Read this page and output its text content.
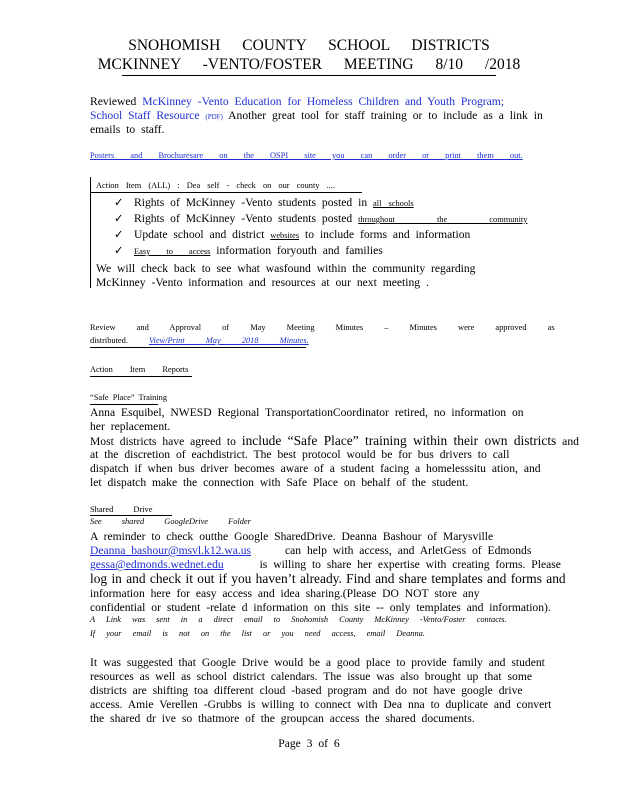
SNOHOMISH COUNTY SCHOOL DISTRICTS
MCKINNEY -VENTO/FOSTER MEETING 8/10 /2018
Reviewed McKinney -Vento Education for Homeless Children and Youth Program;
School Staff Resource (PDF) Another great tool for staff training or to include as a link in
emails to staff.
Posters and Brochuresare on the OSPI site you can order or print them out.
Action Item (ALL) : Dea self - check on our county ....
✓ Rights of McKinney -Vento students posted in all schools
✓ Rights of McKinney -Vento students posted throughout the community
✓ Update school and district websites to include forms and information
✓ Easy to access information foryouth and families
We will check back to see what wasfound within the community regarding
McKinney -Vento information and resources at our next meeting .
Review and Approval of May Meeting Minutes – Minutes were approved as
distributed.	View/Print May 2018 Minutes.
Action Item Reports
“Safe Place” Training
Anna Esquibel, NWESD Regional TransportationCoordinator retired, no information on
her replacement.
Most districts have agreed to include “Safe Place” training within their own districts and
at the discretion of eachdistrict. The best protocol would be for bus drivers to call
dispatch if when bus driver becomes aware of a student facing a homelesssitu ation, and
let dispatch make the connection with Safe Place on behalf of the student.
Shared Drive
See shared GoogleDrive Folder
A reminder to check outthe Google SharedDrive. Deanna Bashour of Marysville
Deanna_bashour@msvl.k12.wa.us	can help with access, and ArletGess of Edmonds
gessa@edmonds.wednet.edu	is willing to share her expertise with creating forms. Please
log in and check it out if you haven’t already. Find and share templates and forms and
information here for easy access and idea sharing.(Please DO NOT store any
confidential or student -relate d information on this site -- only templates and information).
A Link was sent in a direct email to Snohomish County McKinney -Vento/Foster contacts.
If your email is not on the list or you need access, email Deanna.
It was suggested that Google Drive would be a good place to provide family and student
resources as well as school district calendars. The issue was also brought up that some
districts are shifting toa different cloud -based program and do not have google drive
access. Amie Verellen -Grubbs is willing to connect with Dea nna to duplicate and convert
the shared dr ive so thatmore of the groupcan access the shared documents.
Page 3 of 6
